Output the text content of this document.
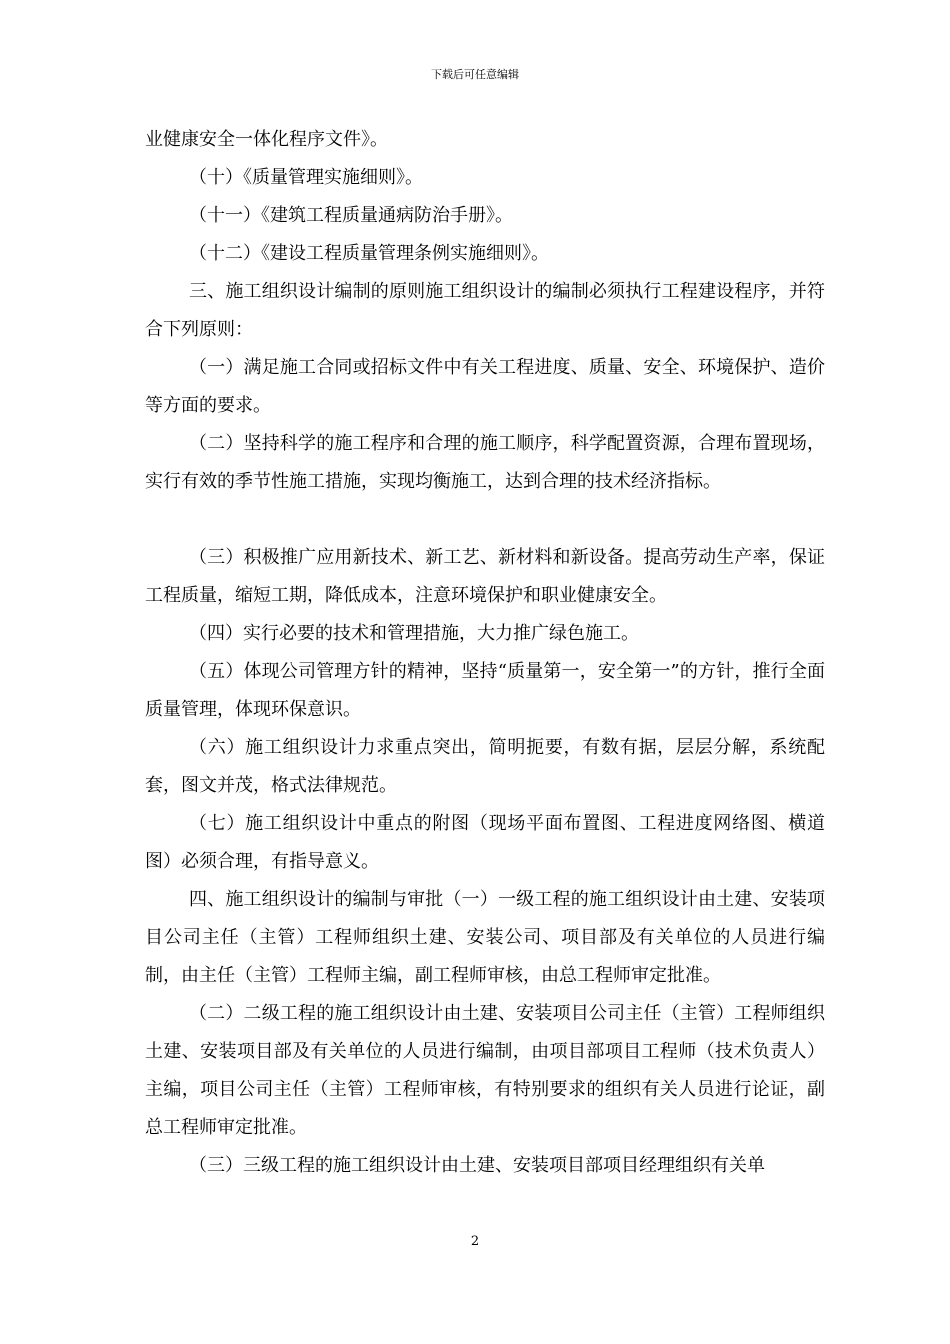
下载后可任意编辑

业健康安全一体化程序文件》。

（十）《质量管理实施细则》。

（十一）《建筑工程质量通病防治手册》。

（十二）《建设工程质量管理条例实施细则》。

三、施工组织设计编制的原则施工组织设计的编制必须执行工程建设程序，并符合下列原则：

（一）满足施工合同或招标文件中有关工程进度、质量、安全、环境保护、造价等方面的要求。

（二）坚持科学的施工程序和合理的施工顺序，科学配置资源，合理布置现场，实行有效的季节性施工措施，实现均衡施工，达到合理的技术经济指标。

（三）积极推广应用新技术、新工艺、新材料和新设备。提高劳动生产率，保证工程质量，缩短工期，降低成本，注意环境保护和职业健康安全。

（四）实行必要的技术和管理措施，大力推广绿色施工。

（五）体现公司管理方针的精神，坚持“质量第一，安全第一”的方针，推行全面质量管理，体现环保意识。

（六）施工组织设计力求重点突出，简明扼要，有数有据，层层分解，系统配套，图文并茂，格式法律规范。

（七）施工组织设计中重点的附图（现场平面布置图、工程进度网络图、横道图）必须合理，有指导意义。

四、施工组织设计的编制与审批（一）一级工程的施工组织设计由土建、安装项目公司主任（主管）工程师组织土建、安装公司、项目部及有关单位的人员进行编制，由主任（主管）工程师主编，副工程师审核，由总工程师审定批准。

（二）二级工程的施工组织设计由土建、安装项目公司主任（主管）工程师组织土建、安装项目部及有关单位的人员进行编制，由项目部项目工程师（技术负责人）主编，项目公司主任（主管）工程师审核，有特别要求的组织有关人员进行论证，副总工程师审定批准。

（三）三级工程的施工组织设计由土建、安装项目部项目经理组织有关单

2
